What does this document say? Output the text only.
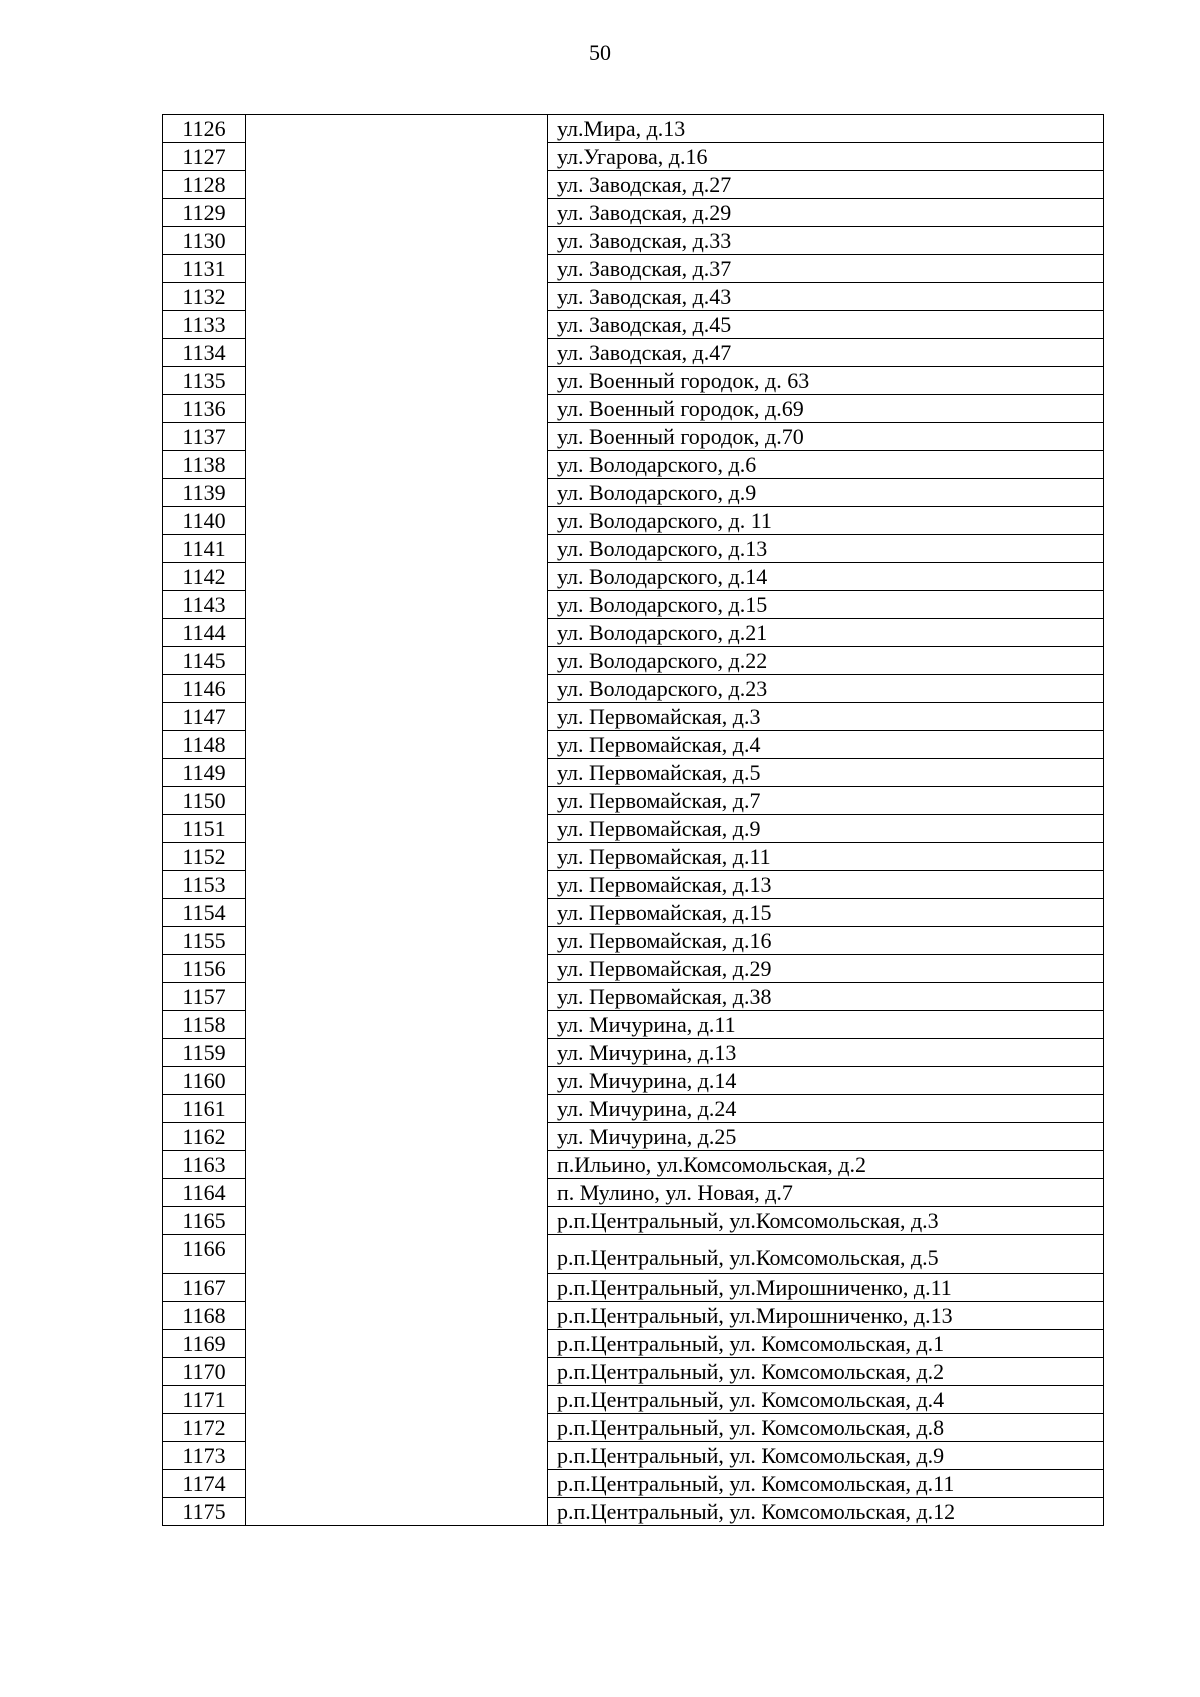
50
1126		ул.Мира, д.13
1127		ул.Угарова, д.16
1128		ул. Заводская, д.27
1129		ул. Заводская, д.29
1130		ул. Заводская, д.33
1131		ул. Заводская, д.37
1132		ул. Заводская, д.43
1133		ул. Заводская, д.45
1134		ул. Заводская, д.47
1135		ул. Военный городок, д. 63
1136		ул. Военный городок, д.69
1137		ул. Военный городок, д.70
1138		ул. Володарского, д.6
1139		ул. Володарского, д.9
1140		ул. Володарского, д. 11
1141		ул. Володарского, д.13
1142		ул. Володарского, д.14
1143		ул. Володарского, д.15
1144		ул. Володарского, д.21
1145		ул. Володарского, д.22
1146		ул. Володарского, д.23
1147		ул. Первомайская, д.3
1148		ул. Первомайская, д.4
1149		ул. Первомайская, д.5
1150		ул. Первомайская, д.7
1151		ул. Первомайская, д.9
1152		ул. Первомайская, д.11
1153		ул. Первомайская, д.13
1154		ул. Первомайская, д.15
1155		ул. Первомайская, д.16
1156		ул. Первомайская, д.29
1157		ул. Первомайская, д.38
1158		ул. Мичурина, д.11
1159		ул. Мичурина, д.13
1160		ул. Мичурина, д.14
1161		ул. Мичурина, д.24
1162		ул. Мичурина, д.25
1163		п.Ильино, ул.Комсомольская, д.2
1164		п. Мулино, ул. Новая, д.7
1165		р.п.Центральный, ул.Комсомольская, д.3
1166		р.п.Центральный, ул.Комсомольская, д.5
1167		р.п.Центральный, ул.Мирошниченко, д.11
1168		р.п.Центральный, ул.Мирошниченко, д.13
1169		р.п.Центральный, ул. Комсомольская, д.1
1170		р.п.Центральный, ул. Комсомольская, д.2
1171		р.п.Центральный, ул. Комсомольская, д.4
1172		р.п.Центральный, ул. Комсомольская, д.8
1173		р.п.Центральный, ул. Комсомольская, д.9
1174		р.п.Центральный, ул. Комсомольская, д.11
1175		р.п.Центральный, ул. Комсомольская, д.12
